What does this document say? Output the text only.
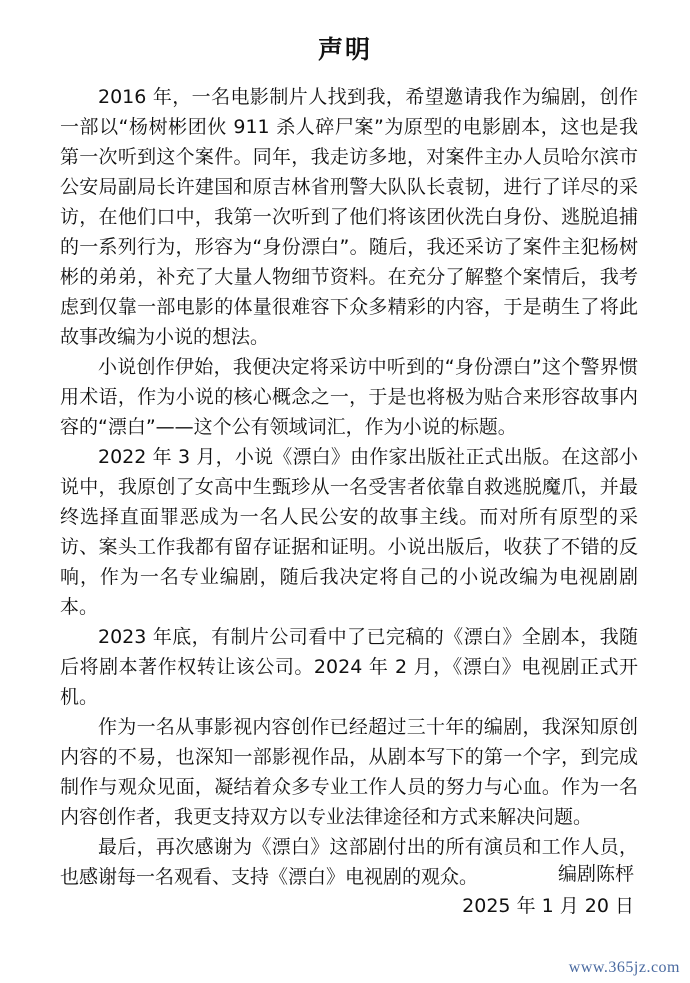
声明

2016 年，一名电影制片人找到我，希望邀请我作为编剧，创作一部以“杨树彬团伙 911 杀人碎尸案”为原型的电影剧本，这也是我第一次听到这个案件。同年，我走访多地，对案件主办人员哈尔滨市公安局副局长许建国和原吉林省刑警大队队长袁韧，进行了详尽的采访，在他们口中，我第一次听到了他们将该团伙洗白身份、逃脱追捕的一系列行为，形容为“身份漂白”。随后，我还采访了案件主犯杨树彬的弟弟，补充了大量人物细节资料。在充分了解整个案情后，我考虑到仅靠一部电影的体量很难容下众多精彩的内容，于是萌生了将此故事改编为小说的想法。

小说创作伊始，我便决定将采访中听到的“身份漂白”这个警界惯用术语，作为小说的核心概念之一，于是也将极为贴合来形容故事内容的“漂白”——这个公有领域词汇，作为小说的标题。

2022 年 3 月，小说《漂白》由作家出版社正式出版。在这部小说中，我原创了女高中生甄珍从一名受害者依靠自救逃脱魔爪，并最终选择直面罪恶成为一名人民公安的故事主线。而对所有原型的采访、案头工作我都有留存证据和证明。小说出版后，收获了不错的反响，作为一名专业编剧，随后我决定将自己的小说改编为电视剧剧本。

2023 年底，有制片公司看中了已完稿的《漂白》全剧本，我随后将剧本著作权转让该公司。2024 年 2 月，《漂白》电视剧正式开机。

作为一名从事影视内容创作已经超过三十年的编剧，我深知原创内容的不易，也深知一部影视作品，从剧本写下的第一个字，到完成制作与观众见面，凝结着众多专业工作人员的努力与心血。作为一名内容创作者，我更支持双方以专业法律途径和方式来解决问题。

最后，再次感谢为《漂白》这部剧付出的所有演员和工作人员，也感谢每一名观看、支持《漂白》电视剧的观众。	编剧陈枰
2025 年 1 月 20 日
www.365jz.com
